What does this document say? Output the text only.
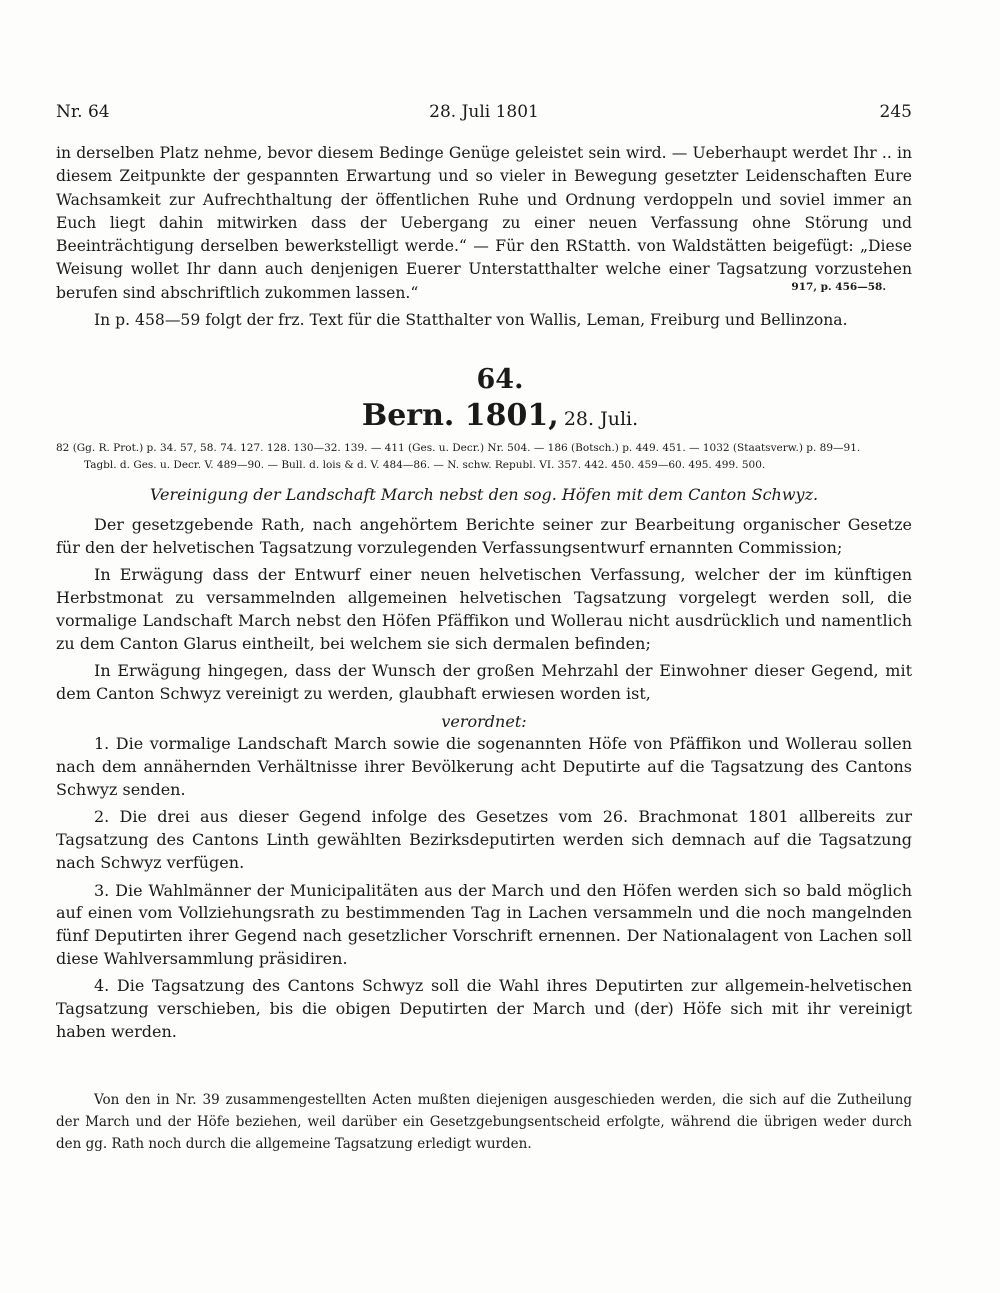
Nr. 64	28. Juli 1801	245

in derselben Platz nehme, bevor diesem Bedinge Genüge geleistet sein wird. — Ueberhaupt werdet Ihr .. in diesem Zeitpunkte der gespannten Erwartung und so vieler in Bewegung gesetzter Leidenschaften Eure Wachsamkeit zur Aufrechthaltung der öffentlichen Ruhe und Ordnung verdoppeln und soviel immer an Euch liegt dahin mitwirken dass der Uebergang zu einer neuen Verfassung ohne Störung und Beeinträchtigung derselben bewerkstelligt werde.“ — Für den RStatth. von Waldstätten beigefügt: „Diese Weisung wollet Ihr dann auch denjenigen Euerer Unterstatthalter welche einer Tagsatzung vorzustehen berufen sind abschriftlich zukommen lassen.“	917, p. 456—58.

In p. 458—59 folgt der frz. Text für die Statthalter von Wallis, Leman, Freiburg und Bellinzona.

64.
Bern. 1801, 28. Juli.
82 (Gg. R. Prot.) p. 34. 57, 58. 74. 127. 128. 130—32. 139. — 411 (Ges. u. Decr.) Nr. 504. — 186 (Botsch.) p. 449. 451. — 1032 (Staatsverw.) p. 89—91.
Tagbl. d. Ges. u. Decr. V. 489—90. — Bull. d. lois & d. V. 484—86. — N. schw. Republ. VI. 357. 442. 450. 459—60. 495. 499. 500.
Vereinigung der Landschaft March nebst den sog. Höfen mit dem Canton Schwyz.

Der gesetzgebende Rath, nach angehörtem Berichte seiner zur Bearbeitung organischer Gesetze für den der helvetischen Tagsatzung vorzulegenden Verfassungsentwurf ernannten Commission;

In Erwägung dass der Entwurf einer neuen helvetischen Verfassung, welcher der im künftigen Herbstmonat zu versammelnden allgemeinen helvetischen Tagsatzung vorgelegt werden soll, die vormalige Landschaft March nebst den Höfen Pfäffikon und Wollerau nicht ausdrücklich und namentlich zu dem Canton Glarus eintheilt, bei welchem sie sich dermalen befinden;

In Erwägung hingegen, dass der Wunsch der großen Mehrzahl der Einwohner dieser Gegend, mit dem Canton Schwyz vereinigt zu werden, glaubhaft erwiesen worden ist,

verordnet:

1. Die vormalige Landschaft March sowie die sogenannten Höfe von Pfäffikon und Wollerau sollen nach dem annähernden Verhältnisse ihrer Bevölkerung acht Deputirte auf die Tagsatzung des Cantons Schwyz senden.

2. Die drei aus dieser Gegend infolge des Gesetzes vom 26. Brachmonat 1801 allbereits zur Tagsatzung des Cantons Linth gewählten Bezirksdeputirten werden sich demnach auf die Tagsatzung nach Schwyz verfügen.

3. Die Wahlmänner der Municipalitäten aus der March und den Höfen werden sich so bald möglich auf einen vom Vollziehungsrath zu bestimmenden Tag in Lachen versammeln und die noch mangelnden fünf Deputirten ihrer Gegend nach gesetzlicher Vorschrift ernennen. Der Nationalagent von Lachen soll diese Wahlversammlung präsidiren.

4. Die Tagsatzung des Cantons Schwyz soll die Wahl ihres Deputirten zur allgemein-helvetischen Tagsatzung verschieben, bis die obigen Deputirten der March und (der) Höfe sich mit ihr vereinigt haben werden.

Von den in Nr. 39 zusammengestellten Acten mußten diejenigen ausgeschieden werden, die sich auf die Zutheilung der March und der Höfe beziehen, weil darüber ein Gesetzgebungsentscheid erfolgte, während die übrigen weder durch den gg. Rath noch durch die allgemeine Tagsatzung erledigt wurden.
